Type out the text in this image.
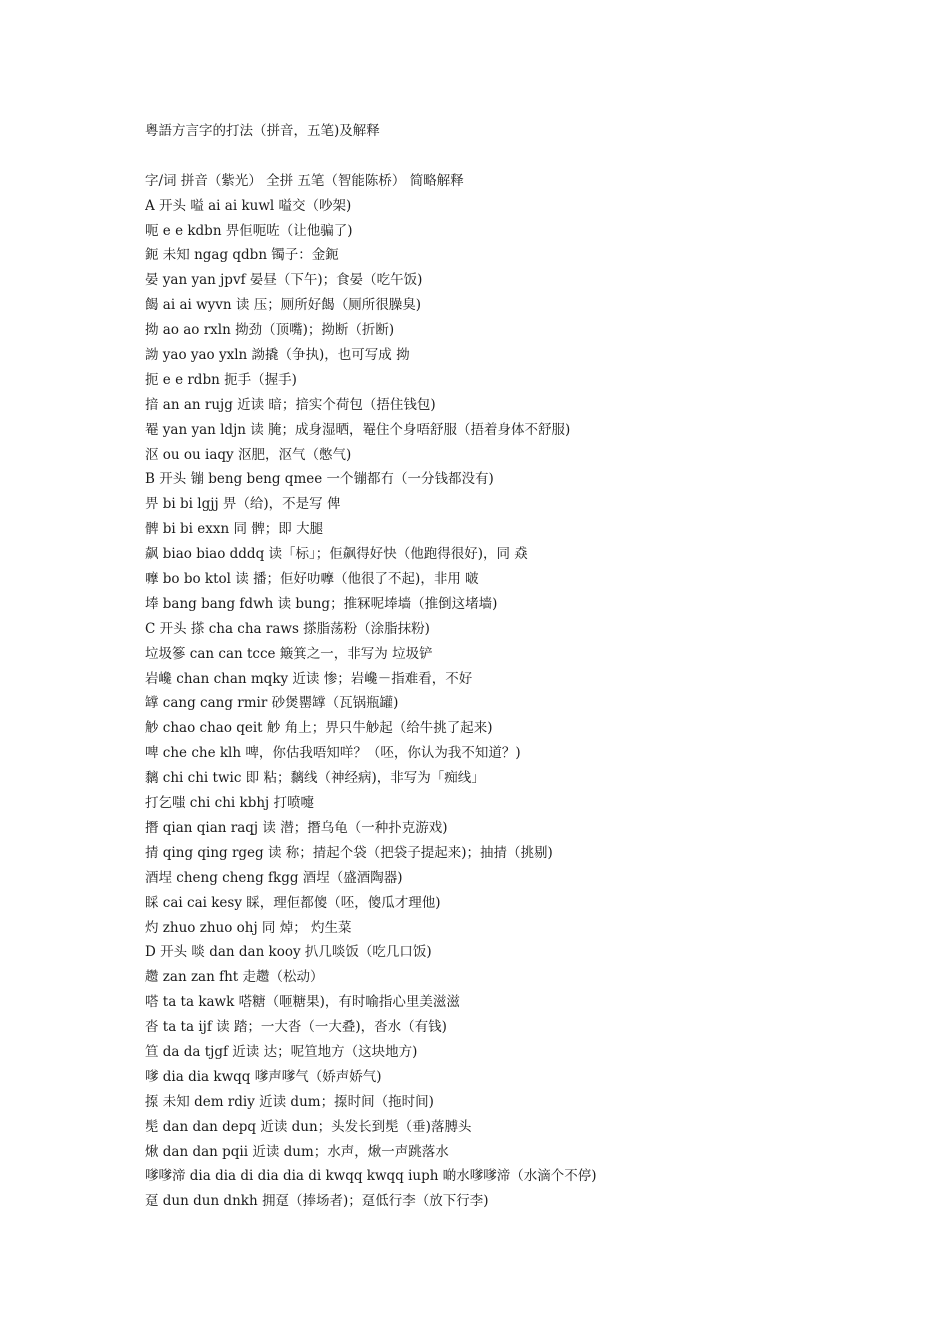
粵語方言字的打法（拼音，五笔)及解释
字/词 拼音（紫光） 全拼 五笔（智能陈桥） 简略解释
A 开头 嗌 ai ai kuwl 嗌交（吵架)
呃 e e kdbn 畀佢呃咗（让他骗了)
鈪 未知 ngag qdbn 镯子：金鈪
晏 yan yan jpvf 晏昼（下午)；食晏（吃午饭)
餲 ai ai wyvn 读 压；厕所好餲（厕所很臊臭)
拗 ao ao rxln 拗劲（顶嘴)；拗断（折断)
詏 yao yao yxln 詏撬（争执)，也可写成 拗
扼 e e rdbn 扼手（握手)
揞 an an rujg 近读 暗；揞实个荷包（捂住钱包)
罨 yan yan ldjn 读 腌；成身湿晒，罨住个身唔舒服（捂着身体不舒服)
沤 ou ou iaqy 沤肥，沤气（憋气)
B 开头 镚 beng beng qmee 一个镚都冇（一分钱都没有)
畀 bi bi lgjj 畀（给)，不是写 俾
髀 bi bi exxn 同 髀；即 大腿
飙 biao biao dddq 读「标」；佢飙得好快（他跑得很好)，同 猋
嚤 bo bo ktol 读 播；佢好叻嚤（他很了不起)，非用 啵
埲 bang bang fdwh 读 bung；推冧呢埲墙（推倒这堵墙)
C 开头 搽 cha cha raws 搽脂荡粉（涂脂抹粉)
垃圾篸 can can tcce 簸箕之一，非写为 垃圾铲
岩巉 chan chan mqky 近读 惨；岩巉－指难看，不好
罉 cang cang rmir 砂煲罌罉（瓦锅瓶罐)
觘 chao chao qeit 觘 角上；畀只牛觘起（给牛挑了起来)
啤 che che klh 啤，你估我唔知咩？（呸，你认为我不知道？)
黐 chi chi twic 即 粘；黐线（神经病)，非写为「痴线」
打乞嗤 chi chi kbhj 打喷嚏
撍 qian qian raqj 读 潜；撍乌龟（一种扑克游戏)
掅 qing qing rgeg 读 称；掅起个袋（把袋子提起来)；抽掅（挑剔)
酒埕 cheng cheng fkgg 酒埕（盛酒陶器)
睬 cai cai kesy 睬，理佢都傻（呸，傻瓜才理他)
灼 zhuo zhuo ohj 同 焯； 灼生菜
D 开头 啖 dan dan kooy 扒几啖饭（吃几口饭)
趱 zan zan fht 走趱（松动）
嗒 ta ta kawk 嗒糖（咂糖果)，有时喻指心里美滋滋
沓 ta ta ijf 读 踏；一大沓（一大叠)，沓水（有钱)
笪 da da tjgf 近读 达；呢笪地方（这块地方)
嗲 dia dia kwqq 嗲声嗲气（娇声娇气)
揼 未知 dem rdiy 近读 dum；揼时间（拖时间)
髧 dan dan depq 近读 dun；头发长到髧（垂)落膊头
煍 dan dan pqii 近读 dum；水声，煍一声跳落水
嗲嗲渧 dia dia di dia dia di kwqq kwqq iuph 啲水嗲嗲渧（水滴个不停)
趸 dun dun dnkh 拥趸（捧场者)；趸低行李（放下行李)
